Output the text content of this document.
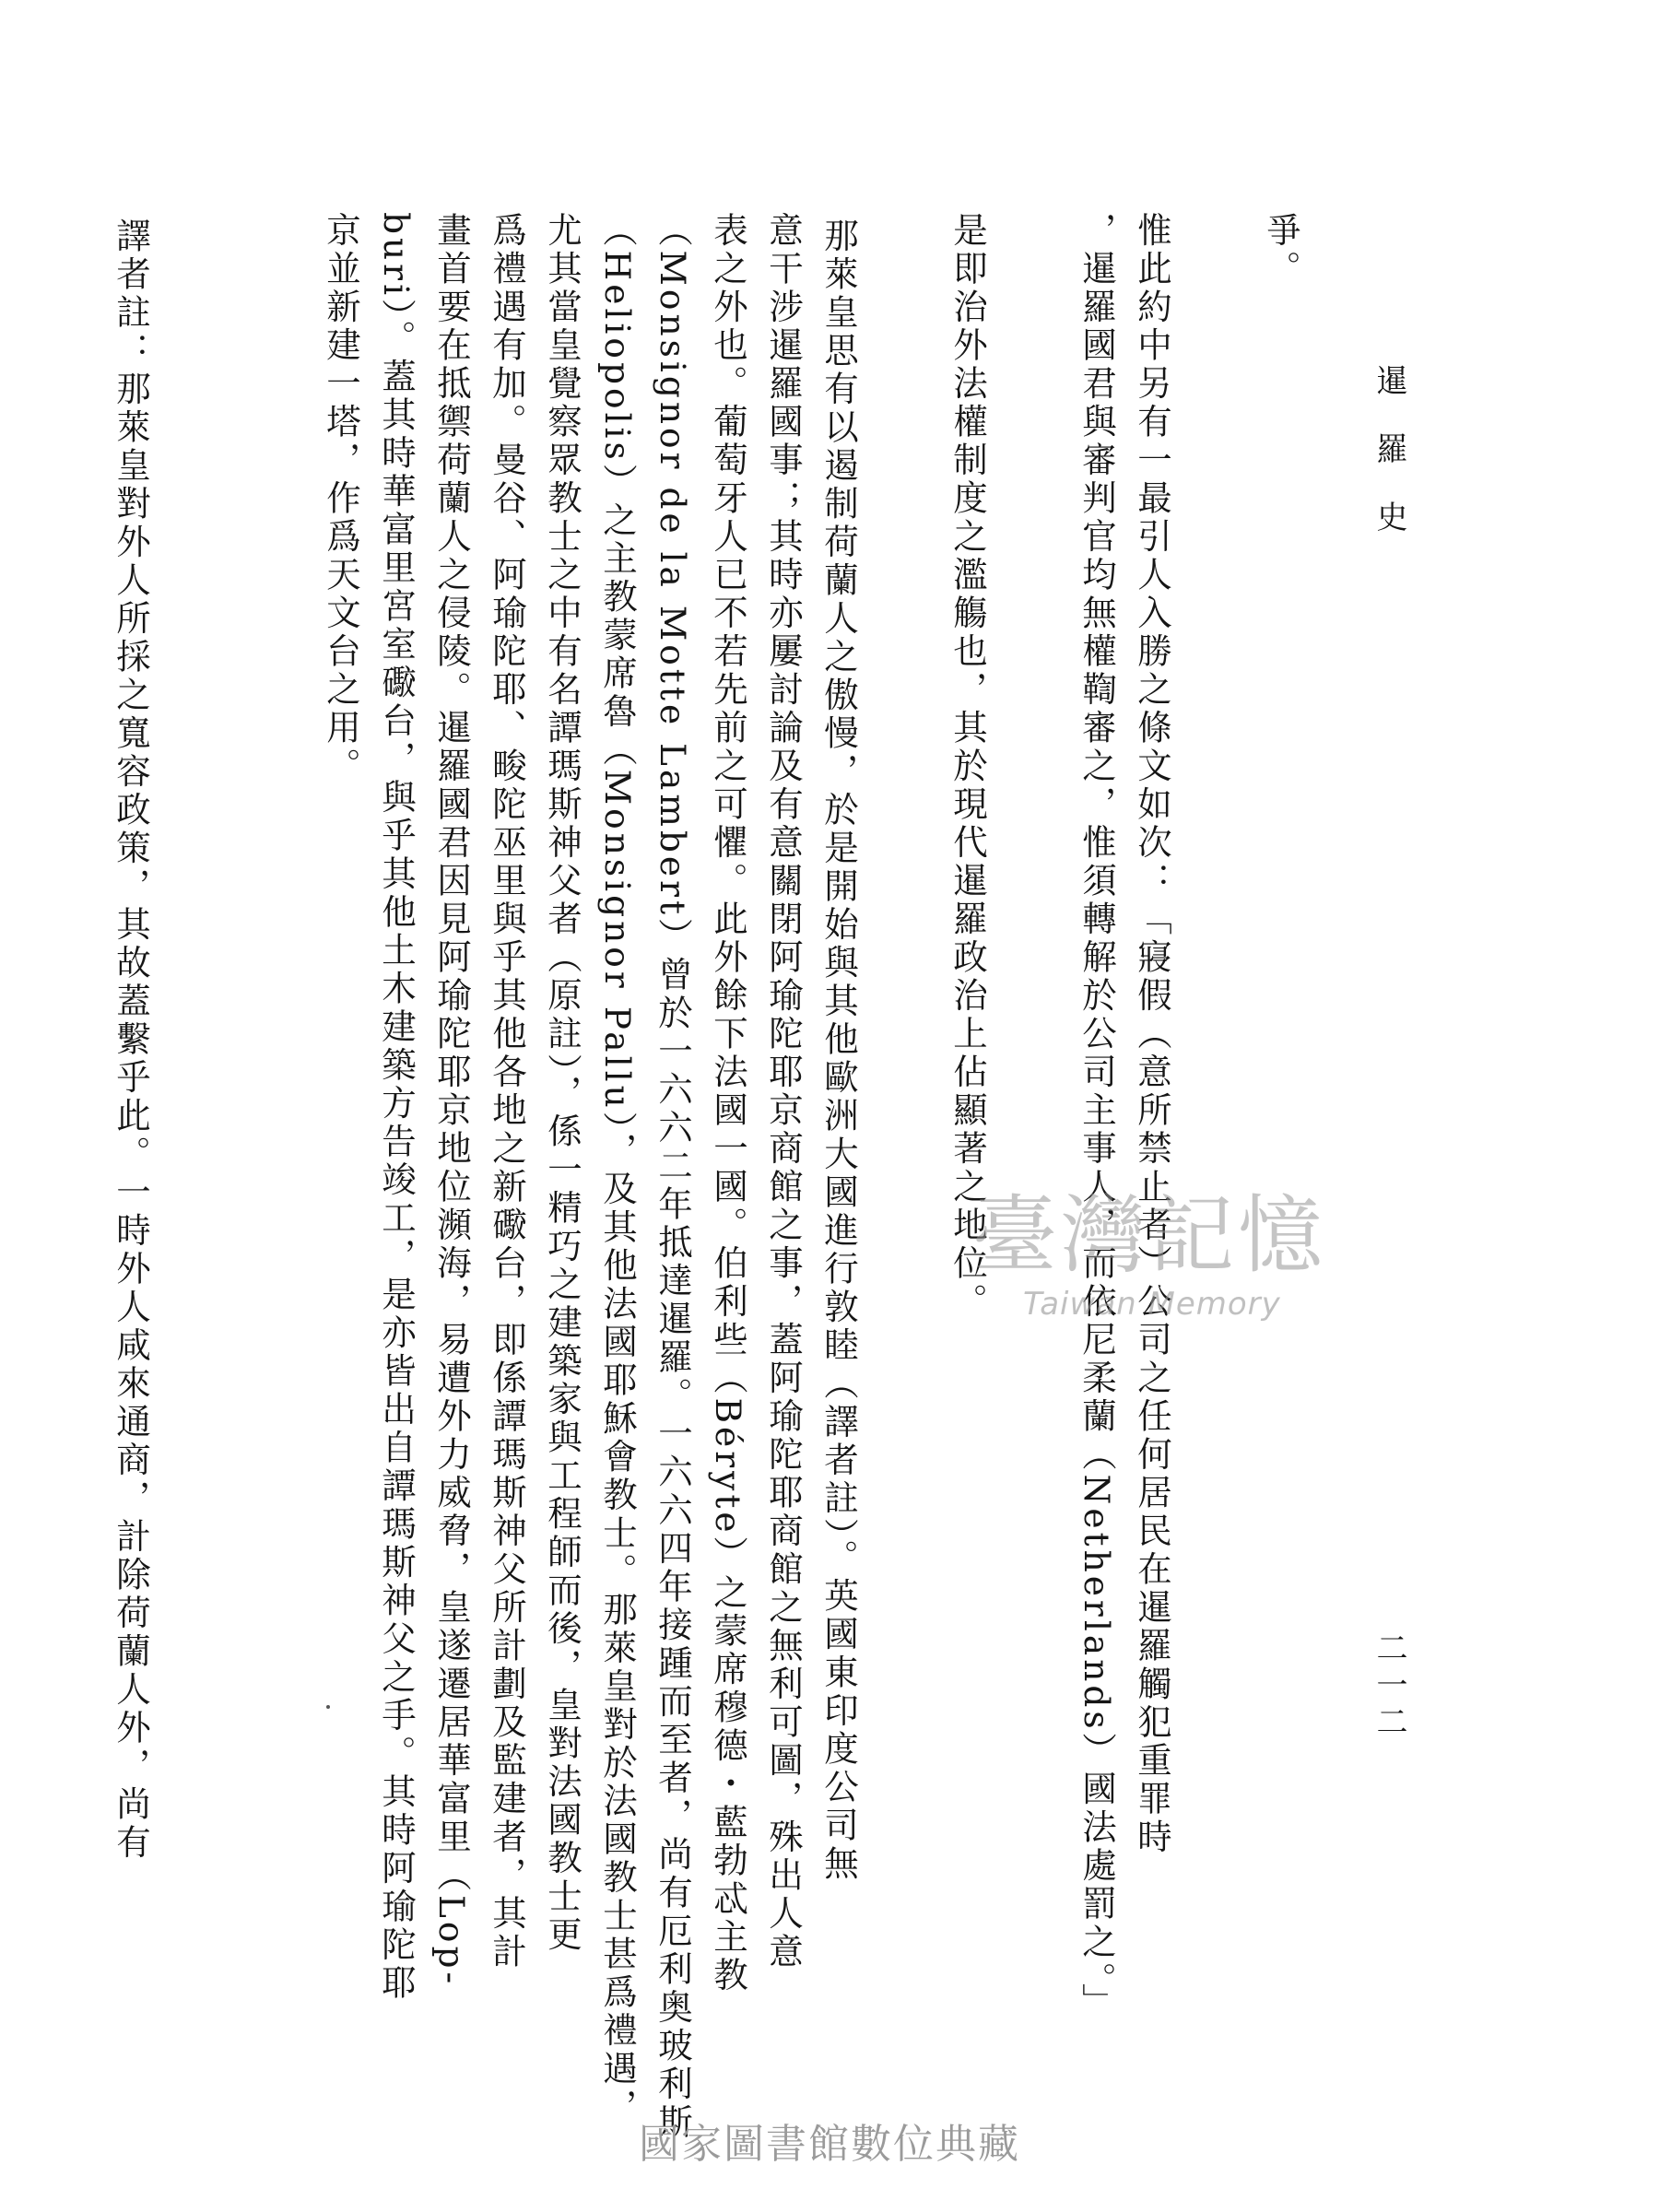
暹羅史
二一二
爭。
惟此約中另有一最引人入勝之條文如次：「寢假（意所禁止者）公司之任何居民在暹羅觸犯重罪時
，暹羅國君與審判官均無權鞫審之，惟須轉解於公司主事人，而依尼柔蘭（Netherlands）國法處罰之。」
是即治外法權制度之濫觴也，其於現代暹羅政治上佔顯著之地位。
那萊皇思有以遏制荷蘭人之傲慢，於是開始與其他歐洲大國進行敦睦（譯者註）。英國東印度公司無
意干涉暹羅國事；其時亦屢討論及有意關閉阿瑜陀耶京商館之事，蓋阿瑜陀耶商館之無利可圖，殊出人意
表之外也。葡萄牙人已不若先前之可懼。此外餘下法國一國。伯利些（Béryte）之蒙席穆德・藍勃忒主教
（Monsignor de la Motte Lambert）曾於一六六二年抵達暹羅。一六六四年接踵而至者，尚有厄利奥玻利斯
（Heliopolis）之主教蒙席魯（Monsignor Pallu），及其他法國耶穌會教士。那萊皇對於法國教士甚爲禮遇，
尤其當皇覺察眾教士之中有名譚瑪斯神父者（原註），係一精巧之建築家與工程師而後，皇對法國教士更
爲禮遇有加。曼谷、阿瑜陀耶、畯陀巫里與乎其他各地之新礮台，即係譚瑪斯神父所計劃及監建者，其計
畫首要在抵禦荷蘭人之侵陵。暹羅國君因見阿瑜陀耶京地位瀕海，易遭外力威脅，皇遂遷居華富里（Lop-
buri）。蓋其時華富里宮室礮台，與乎其他土木建築方告竣工，是亦皆出自譚瑪斯神父之手。其時阿瑜陀耶
京並新建一塔，作爲天文台之用。
譯者註：那萊皇對外人所採之寬容政策，其故蓋繫乎此。一時外人咸來通商，計除荷蘭人外，尚有	臺灣記憶
Taiwan Memory
國家圖書館數位典藏
